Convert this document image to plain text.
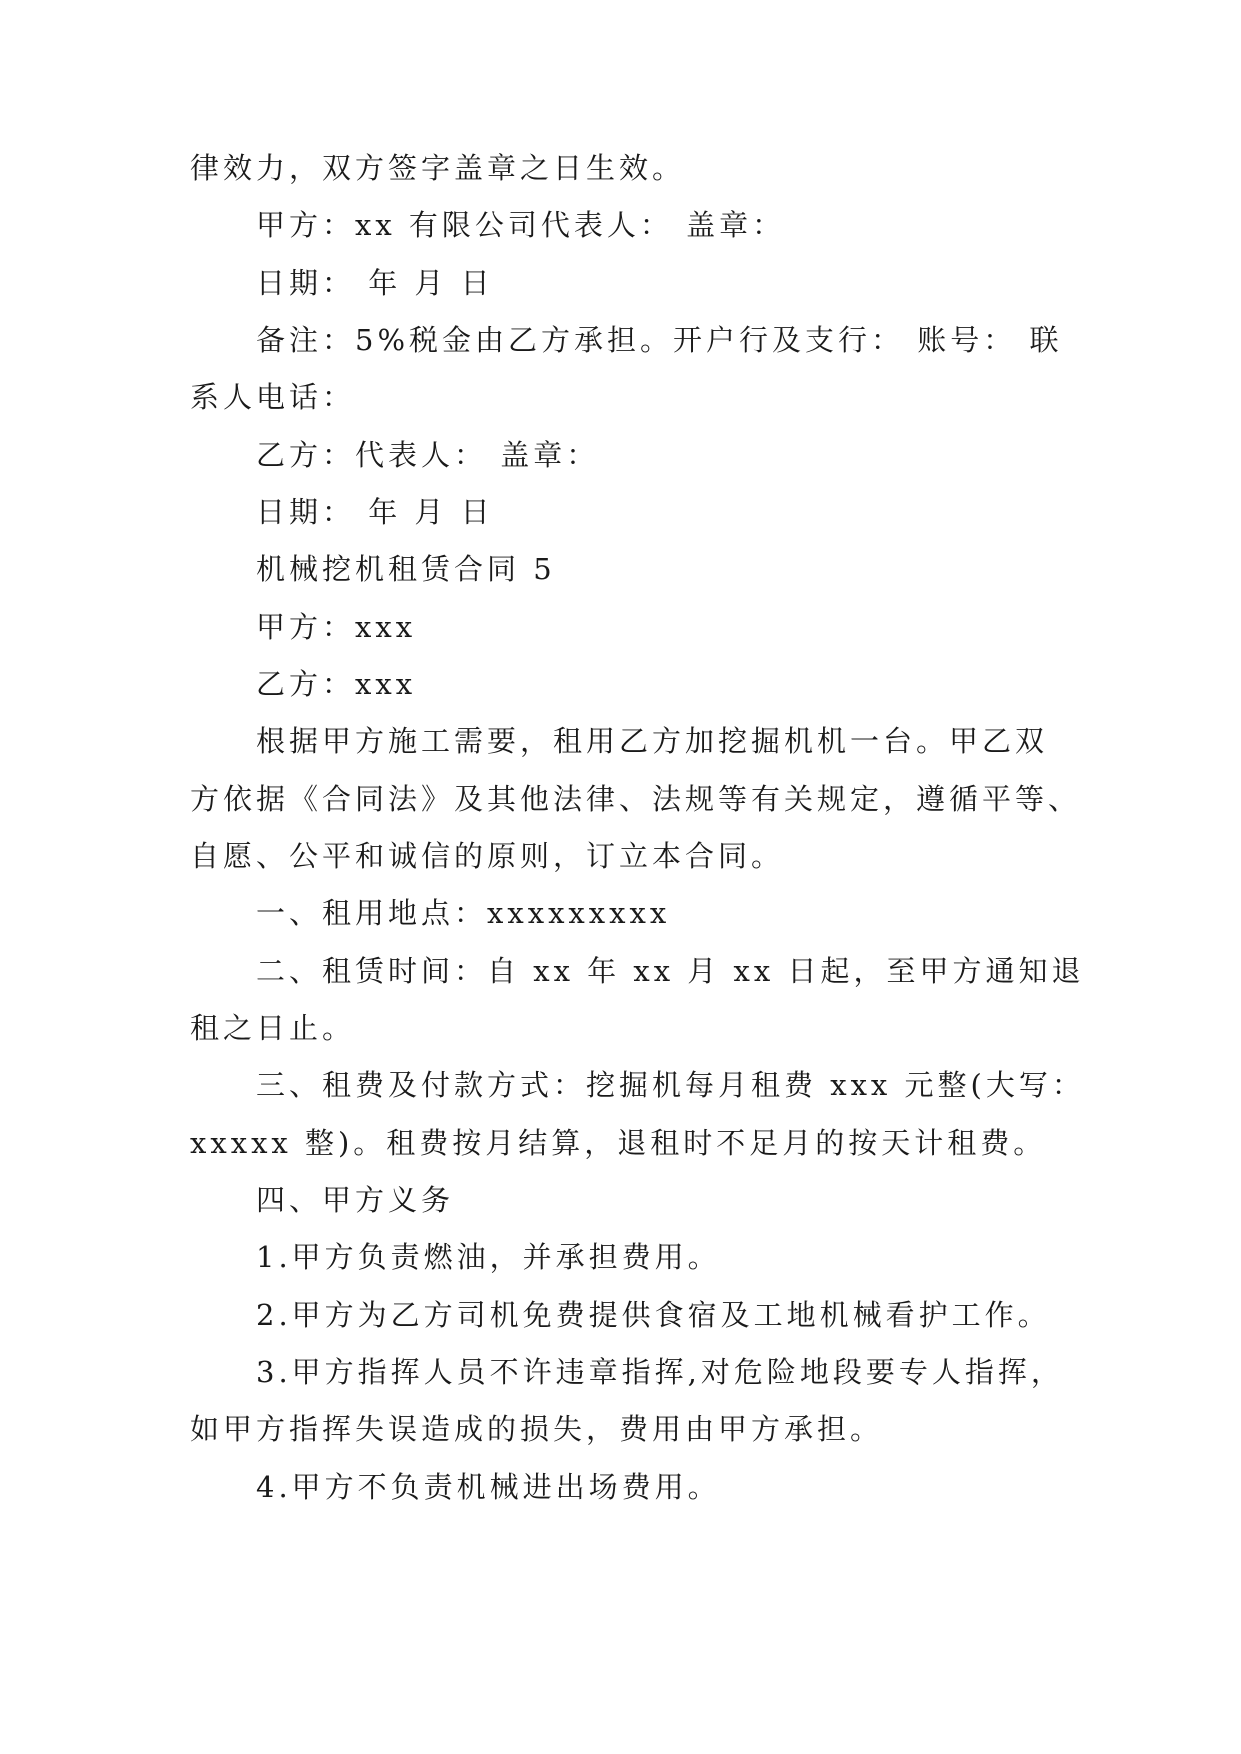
律效力，双方签字盖章之日生效。
甲方：xx 有限公司代表人： 盖章：
日期： 年 月 日
备注：5%税金由乙方承担。开户行及支行： 账号： 联
系人电话：
乙方：代表人： 盖章：
日期： 年 月 日
机械挖机租赁合同 5
甲方：xxx
乙方：xxx
根据甲方施工需要，租用乙方加挖掘机机一台。甲乙双
方依据《合同法》及其他法律、法规等有关规定，遵循平等、
自愿、公平和诚信的原则，订立本合同。
一、租用地点：xxxxxxxxx
二、租赁时间：自 xx 年 xx 月 xx 日起，至甲方通知退
租之日止。
三、租费及付款方式：挖掘机每月租费 xxx 元整(大写：
xxxxx 整)。租费按月结算，退租时不足月的按天计租费。
四、甲方义务
1.甲方负责燃油，并承担费用。
2.甲方为乙方司机免费提供食宿及工地机械看护工作。
3.甲方指挥人员不许违章指挥,对危险地段要专人指挥，
如甲方指挥失误造成的损失，费用由甲方承担。
4.甲方不负责机械进出场费用。
